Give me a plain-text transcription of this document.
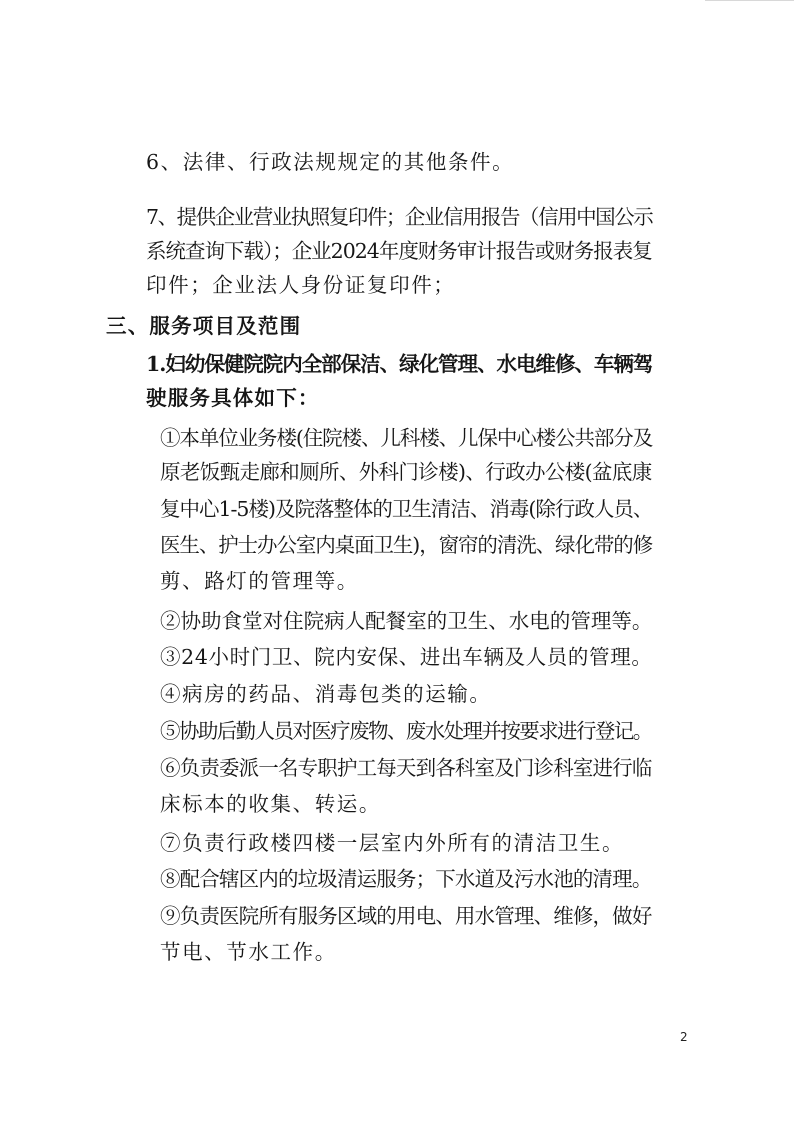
6、法律、行政法规规定的其他条件。
7、提供企业营业执照复印件；企业信用报告（信用中国公示
系统查询下载）；企业2024年度财务审计报告或财务报表复
印件；企业法人身份证复印件；
三、服务项目及范围
1.妇幼保健院院内全部保洁、绿化管理、水电维修、车辆驾
驶服务具体如下：
①本单位业务楼(住院楼、儿科楼、儿保中心楼公共部分及
原老饭甄走廊和厕所、外科门诊楼)、行政办公楼(盆底康
复中心1-5楼)及院落整体的卫生清洁、消毒(除行政人员、
医生、护士办公室内桌面卫生)，窗帘的清洗、绿化带的修
剪、路灯的管理等。
②协助食堂对住院病人配餐室的卫生、水电的管理等。
③24小时门卫、院内安保、进出车辆及人员的管理。
④病房的药品、消毒包类的运输。
⑤协助后勤人员对医疗废物、废水处理并按要求进行登记。
⑥负责委派一名专职护工每天到各科室及门诊科室进行临
床标本的收集、转运。
⑦负责行政楼四楼一层室内外所有的清洁卫生。
⑧配合辖区内的垃圾清运服务；下水道及污水池的清理。
⑨负责医院所有服务区域的用电、用水管理、维修，做好
节电、节水工作。
2
